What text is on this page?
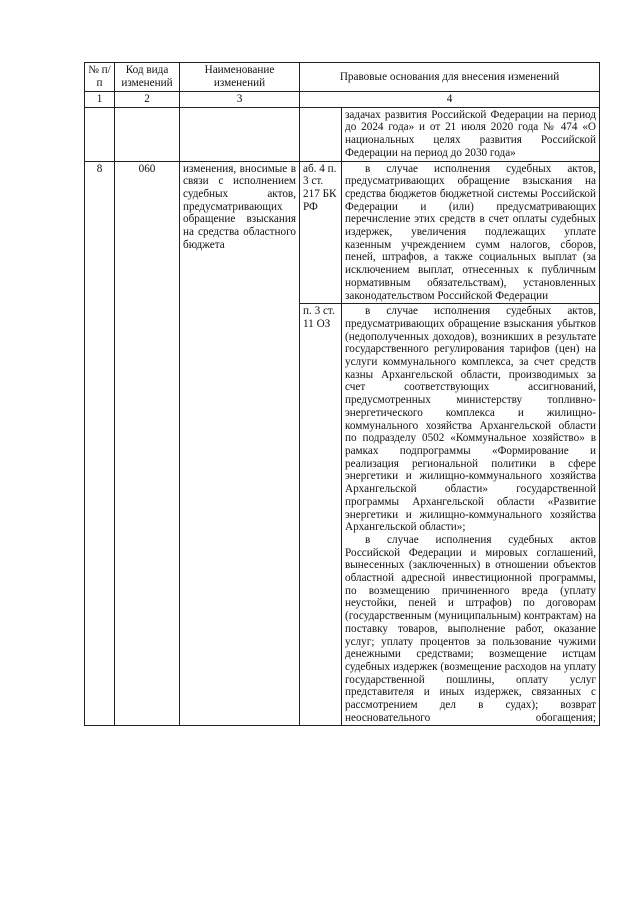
№ п/п	Код вида изменений	Наименование изменений	Правовые основания для внесения изменений	
1	2	3	4	
				задачах развития Российской Федерации на период до 2024 года» и от 21 июля 2020 года № 474 «О национальных целях развития Российской Федерации на период до 2030 года»
8	060	изменения, вносимые в связи с исполнением судебных актов, предусматривающих обращение взыскания на средства областного бюджета	аб. 4 п. 3 ст. 217 БК РФ	в случае исполнения судебных актов, предусматривающих обращение взыскания на средства бюджетов бюджетной системы Российской Федерации и (или) предусматривающих перечисление этих средств в счет оплаты судебных издержек, увеличения подлежащих уплате казенным учреждением сумм налогов, сборов, пеней, штрафов, а также социальных выплат (за исключением выплат, отнесенных к публичным нормативным обязательствам), установленных законодательством Российской Федерации
			п. 3 ст. 11 ОЗ	в случае исполнения судебных актов, предусматривающих обращение взыскания убытков (недополученных доходов), возникших в результате государственного регулирования тарифов (цен) на услуги коммунального комплекса, за счет средств казны Архангельской области, производимых за счет соответствующих ассигнований, предусмотренных министерству топливно-энергетического комплекса и жилищно-коммунального хозяйства Архангельской области по подразделу 0502 «Коммунальное хозяйство» в рамках подпрограммы «Формирование и реализация региональной политики в сфере энергетики и жилищно-коммунального хозяйства Архангельской области» государственной программы Архангельской области «Развитие энергетики и жилищно-коммунального хозяйства Архангельской области»;

в случае исполнения судебных актов Российской Федерации и мировых соглашений, вынесенных (заключенных) в отношении объектов областной адресной инвестиционной программы, по возмещению причиненного вреда (уплату неустойки, пеней и штрафов) по договорам (государственным (муниципальным) контрактам) на поставку товаров, выполнение работ, оказание услуг; уплату процентов за пользование чужими денежными средствами; возмещение истцам судебных издержек (возмещение расходов на уплату государственной пошлины, оплату услуг представителя и иных издержек, связанных с рассмотрением дел в судах); возврат неосновательного обогащения;
